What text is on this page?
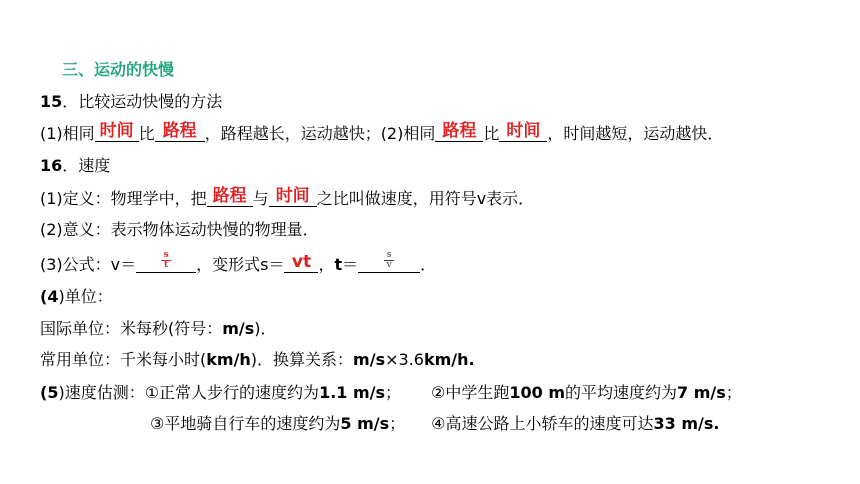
三、运动的快慢
15．比较运动快慢的方法
(1)相同 时间 比 路程 ，路程越长，运动越快；(2)相同 路程 比 时间 ，时间越短，运动越快．
16．速度
(1)定义：物理学中，把 路程 与 时间 之比叫做速度，用符号v表示．
(2)意义：表示物体运动快慢的物理量．
(3)公式：v＝	s
t	，变形式s＝ vt ，t＝	s
v	．
(4)单位：
国际单位：米每秒(符号：m/s)．
常用单位：千米每小时(km/h)．换算关系：m/s×3.6km/h.
(5)速度估测：①正常人步行的速度约为1.1 m/s； ②中学生跑100 m的平均速度约为7 m/s；
③平地骑自行车的速度约为5 m/s； ④高速公路上小轿车的速度可达33 m/s.
